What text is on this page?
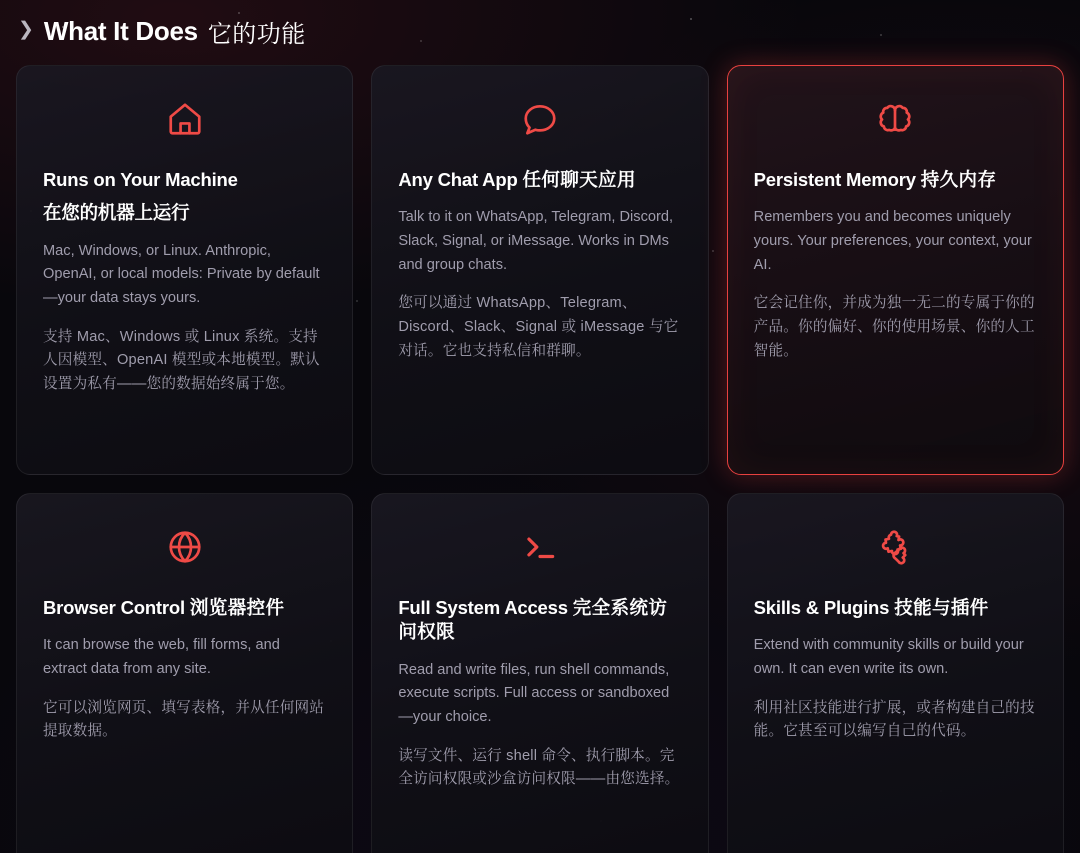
❯ What It Does 它的功能
Runs on Your Machine
在您的机器上运行

Mac, Windows, or Linux. Anthropic, OpenAI, or local models: Private by default—your data stays yours.

支持 Mac、Windows 或 Linux 系统。支持人因模型、OpenAI 模型或本地模型。默认设置为私有——您的数据始终属于您。

Any Chat App 任何聊天应用

Talk to it on WhatsApp, Telegram, Discord, Slack, Signal, or iMessage. Works in DMs and group chats.

您可以通过 WhatsApp、Telegram、Discord、Slack、Signal 或 iMessage 与它对话。它也支持私信和群聊。

Persistent Memory 持久内存

Remembers you and becomes uniquely yours. Your preferences, your context, your AI.

它会记住你，并成为独一无二的专属于你的产品。你的偏好、你的使用场景、你的人工智能。

Browser Control 浏览器控件

It can browse the web, fill forms, and extract data from any site.

它可以浏览网页、填写表格，并从任何网站提取数据。

Full System Access 完全系统访问权限

Read and write files, run shell commands, execute scripts. Full access or sandboxed—your choice.

读写文件、运行 shell 命令、执行脚本。完全访问权限或沙盒访问权限——由您选择。

Skills & Plugins 技能与插件

Extend with community skills or build your own. It can even write its own.

利用社区技能进行扩展，或者构建自己的技能。它甚至可以编写自己的代码。
